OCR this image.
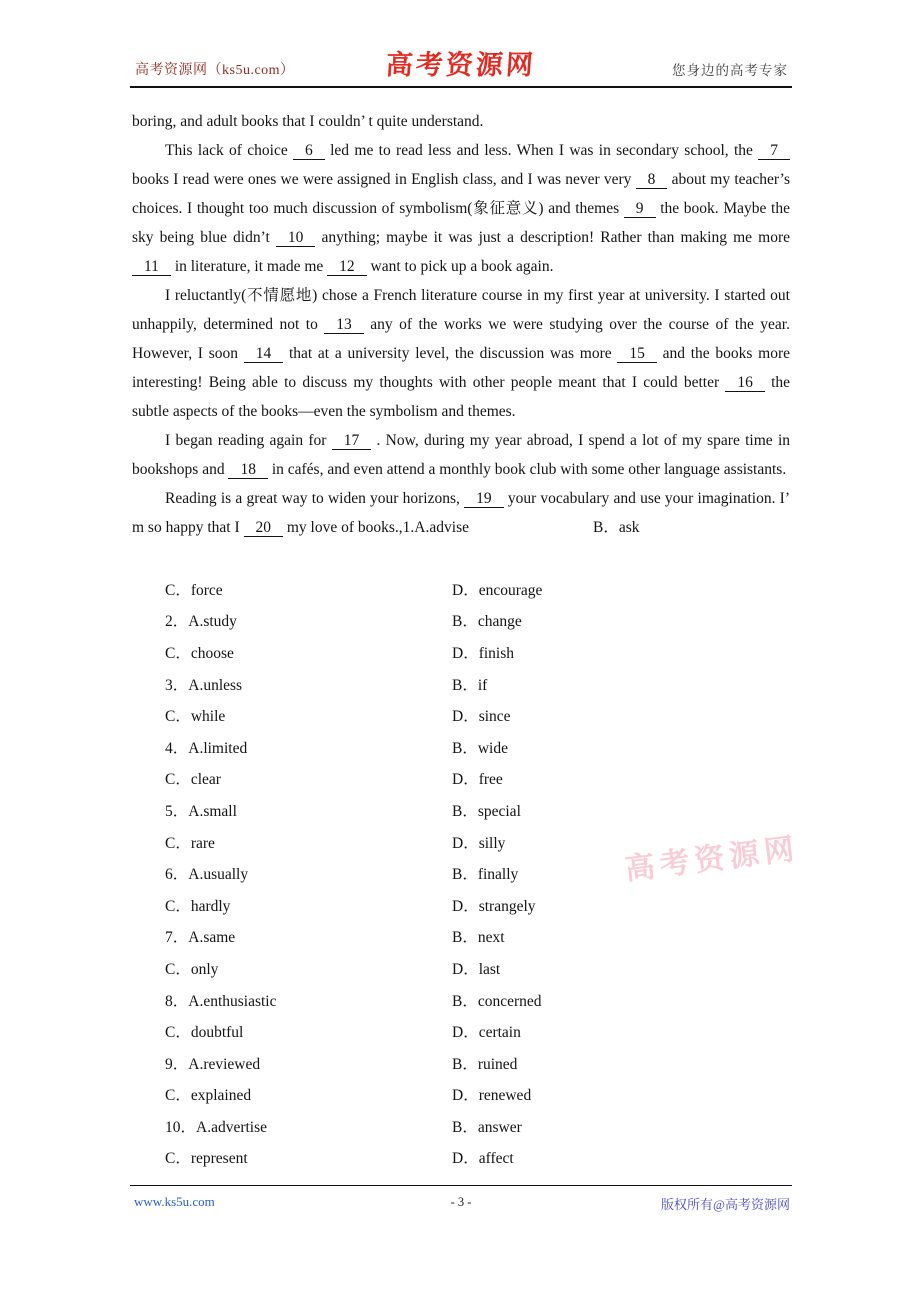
高考资源网（ks5u.com）	高考资源网	您身边的高考专家

boring, and adult books that I couldn’ t quite understand.

This lack of choice 6 led me to read less and less. When I was in secondary school, the 7 books I read were ones we were assigned in English class, and I was never very 8 about my teacher’s choices. I thought too much discussion of symbolism(象征意义) and themes 9 the book. Maybe the sky being blue didn’t 10 anything; maybe it was just a description! Rather than making me more 11 in literature, it made me 12 want to pick up a book again.

I reluctantly(不情愿地) chose a French literature course in my first year at university. I started out unhappily, determined not to 13 any of the works we were studying over the course of the year. However, I soon 14 that at a university level, the discussion was more 15 and the books more interesting! Being able to discuss my thoughts with other people meant that I could better 16 the subtle aspects of the books—even the symbolism and themes.

I began reading again for 17 . Now, during my year abroad, I spend a lot of my spare time in bookshops and 18 in cafés, and even attend a monthly book club with some other language assistants.

Reading is a great way to widen your horizons, 19 your vocabulary and use your imagination. I’ m so happy that I 20 my love of books.,1.A.advise　　　　　　　　B．ask

C．force	D．encourage
2．A.study	B．change
C．choose	D．finish
3．A.unless	B．if
C．while	D．since
4．A.limited	B．wide
C．clear	D．free
5．A.small	B．special
C．rare	D．silly
6．A.usually	B．finally
C．hardly	D．strangely
7．A.same	B．next
C．only	D．last
8．A.enthusiastic	B．concerned
C．doubtful	D．certain
9．A.reviewed	B．ruined
C．explained	D．renewed
10．A.advertise	B．answer
C．represent	D．affect
高考资源网
www.ks5u.com	- 3 -	版权所有@高考资源网
